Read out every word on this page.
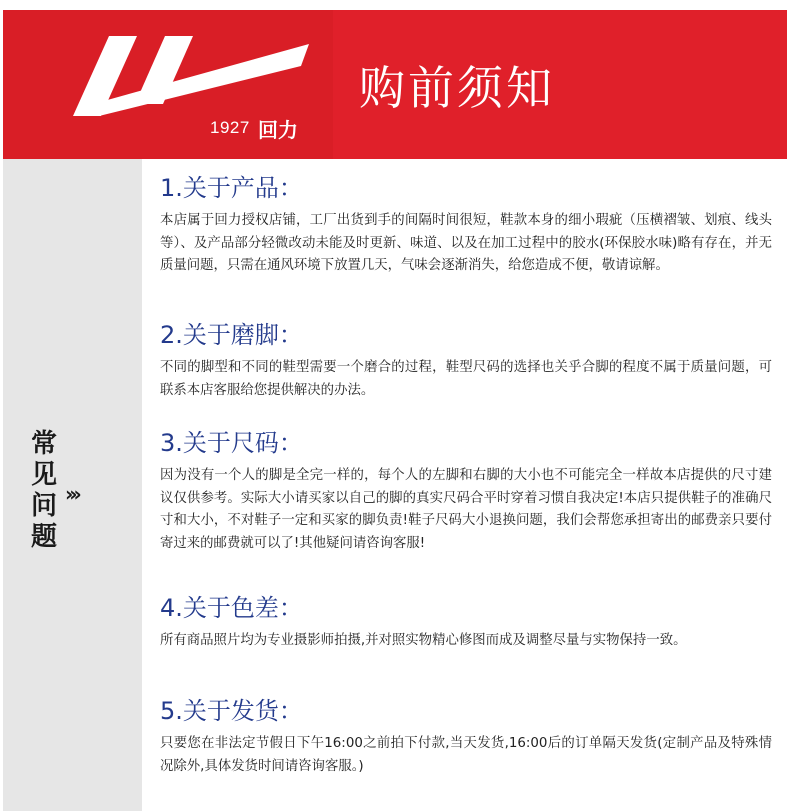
1927 回力
购前须知
常见问题
›››
1.关于产品：

本店属于回力授权店铺，工厂出货到手的间隔时间很短，鞋款本身的细小瑕疵（压横褶皱、划痕、线头等）、及产品部分轻微改动未能及时更新、味道、以及在加工过程中的胶水(环保胶水味)略有存在，并无质量问题，只需在通风环境下放置几天，气味会逐渐消失，给您造成不便，敬请谅解。

2.关于磨脚：

不同的脚型和不同的鞋型需要一个磨合的过程，鞋型尺码的选择也关乎合脚的程度不属于质量问题，可联系本店客服给您提供解决的办法。

3.关于尺码：

因为没有一个人的脚是全完一样的，每个人的左脚和右脚的大小也不可能完全一样故本店提供的尺寸建议仅供参考。实际大小请买家以自己的脚的真实尺码合平时穿着习惯自我决定!本店只提供鞋子的准确尺寸和大小，不对鞋子一定和买家的脚负责!鞋子尺码大小退换问题，我们会帮您承担寄出的邮费亲只要付寄过来的邮费就可以了!其他疑问请咨询客服!

4.关于色差：

所有商品照片均为专业摄影师拍摄,并对照实物精心修图而成及调整尽量与实物保持一致。

5.关于发货：

只要您在非法定节假日下午16:00之前拍下付款,当天发货,16:00后的订单隔天发货(定制产品及特殊情况除外,具体发货时间请咨询客服。)
